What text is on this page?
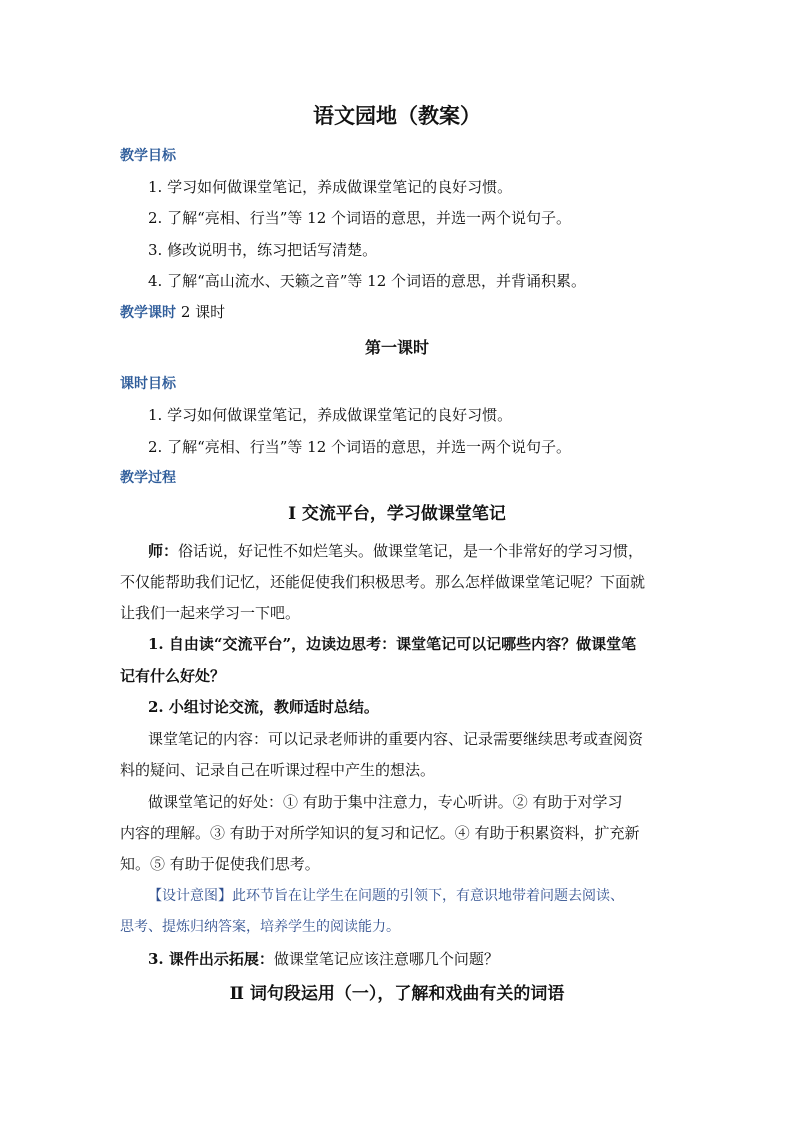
语文园地（教案）
教学目标
1. 学习如何做课堂笔记，养成做课堂笔记的良好习惯。
2. 了解“亮相、行当”等 12 个词语的意思，并选一两个说句子。
3. 修改说明书，练习把话写清楚。
4. 了解“高山流水、天籁之音”等 12 个词语的意思，并背诵积累。
教学课时 2 课时
第一课时
课时目标
1. 学习如何做课堂笔记，养成做课堂笔记的良好习惯。
2. 了解“亮相、行当”等 12 个词语的意思，并选一两个说句子。
教学过程
Ⅰ 交流平台，学习做课堂笔记
师：俗话说，好记性不如烂笔头。做课堂笔记，是一个非常好的学习习惯，
不仅能帮助我们记忆，还能促使我们积极思考。那么怎样做课堂笔记呢？下面就
让我们一起来学习一下吧。
1. 自由读“交流平台”，边读边思考：课堂笔记可以记哪些内容？做课堂笔
记有什么好处？
2. 小组讨论交流，教师适时总结。
课堂笔记的内容：可以记录老师讲的重要内容、记录需要继续思考或查阅资
料的疑问、记录自己在听课过程中产生的想法。
做课堂笔记的好处：① 有助于集中注意力，专心听讲。② 有助于对学习
内容的理解。③ 有助于对所学知识的复习和记忆。④ 有助于积累资料，扩充新
知。⑤ 有助于促使我们思考。
【设计意图】此环节旨在让学生在问题的引领下，有意识地带着问题去阅读、
思考、提炼归纳答案，培养学生的阅读能力。
3. 课件出示拓展：做课堂笔记应该注意哪几个问题？
Ⅱ 词句段运用（一），了解和戏曲有关的词语
